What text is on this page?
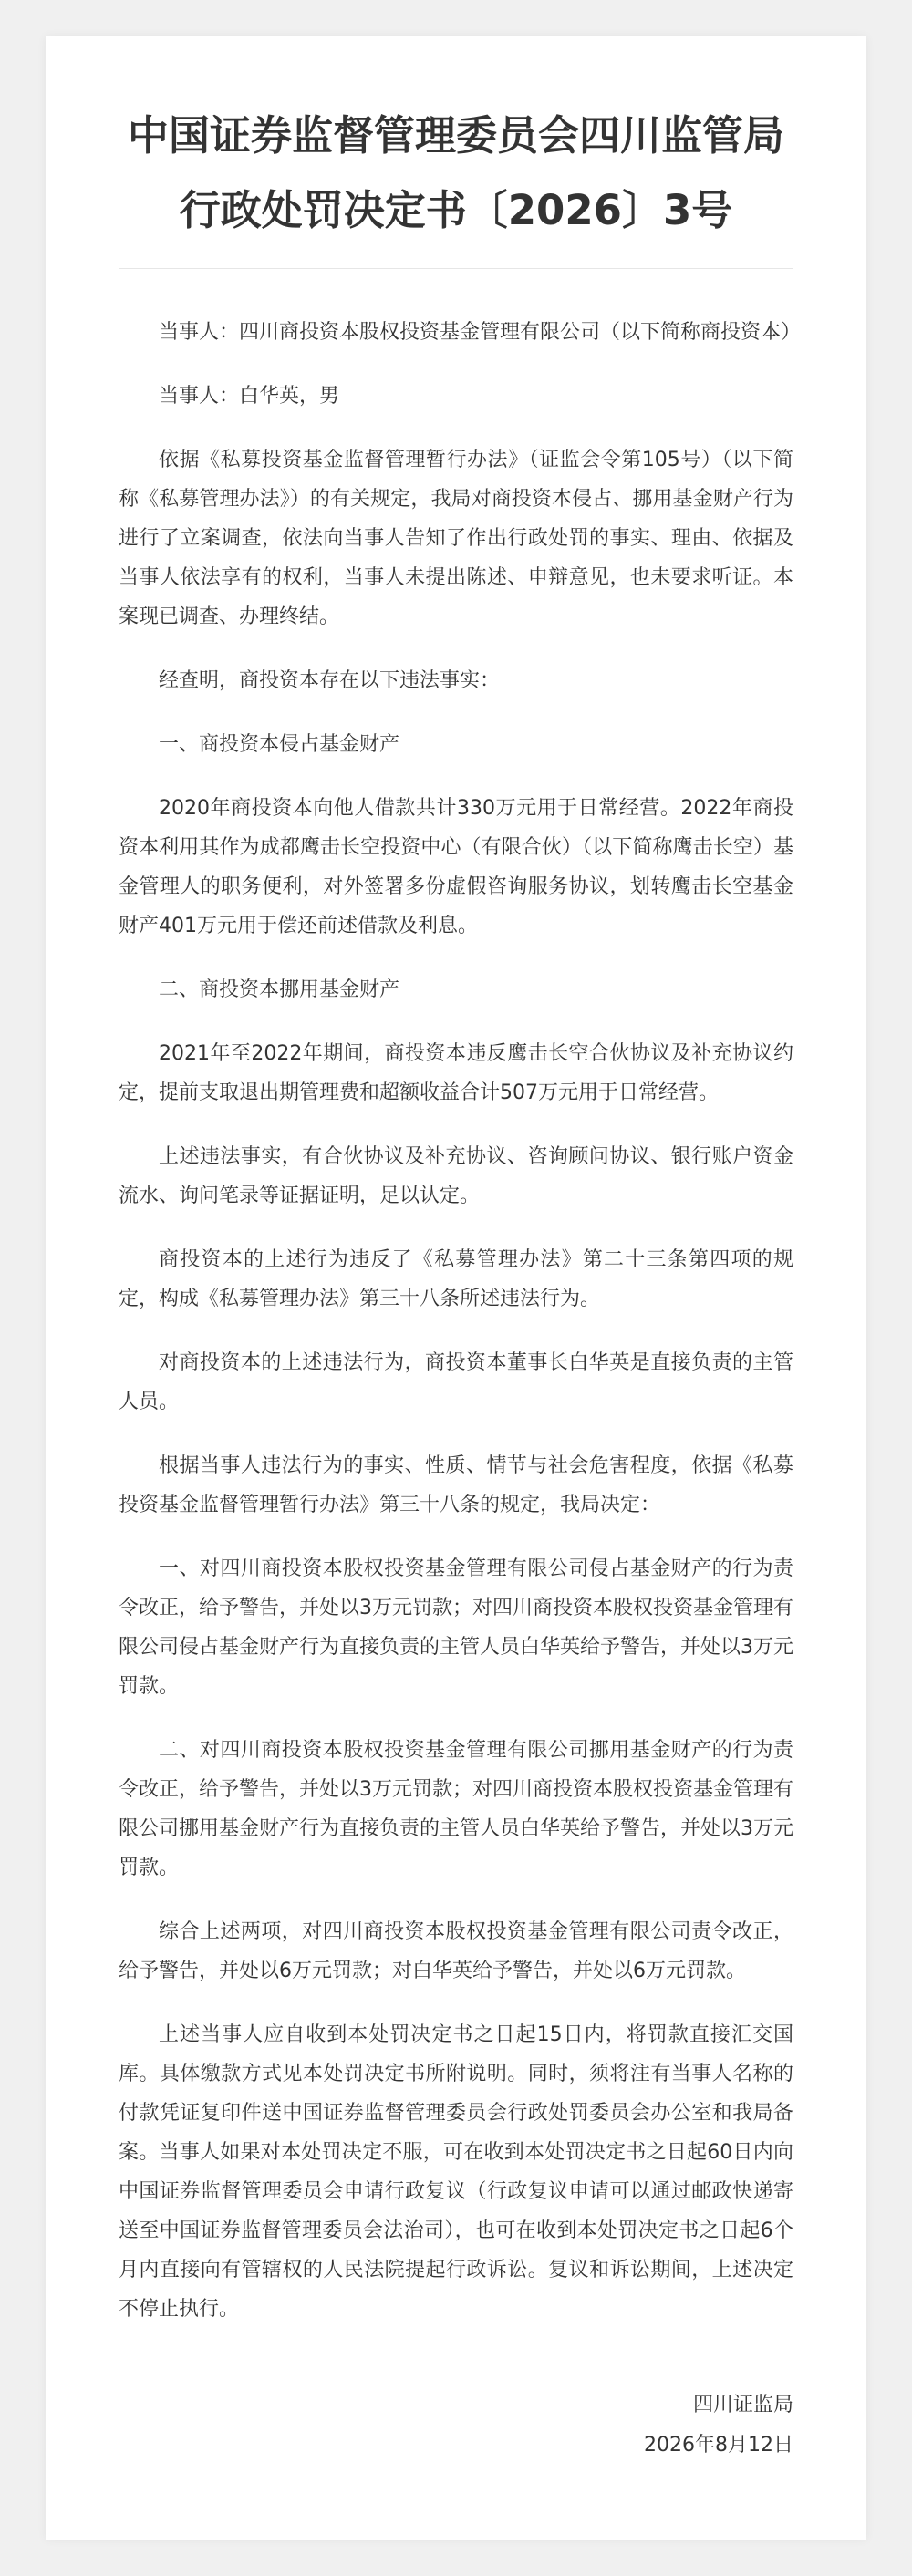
中国证券监督管理委员会四川监管局
行政处罚决定书〔2026〕3号

当事人：四川商投资本股权投资基金管理有限公司（以下简称商投资本）

当事人：白华英，男

依据《私募投资基金监督管理暂行办法》（证监会令第105号）（以下简称《私募管理办法》）的有关规定，我局对商投资本侵占、挪用基金财产行为进行了立案调查，依法向当事人告知了作出行政处罚的事实、理由、依据及当事人依法享有的权利，当事人未提出陈述、申辩意见，也未要求听证。本案现已调查、办理终结。

经查明，商投资本存在以下违法事实：

一、商投资本侵占基金财产

2020年商投资本向他人借款共计330万元用于日常经营。2022年商投资本利用其作为成都鹰击长空投资中心（有限合伙）（以下简称鹰击长空）基金管理人的职务便利，对外签署多份虚假咨询服务协议，划转鹰击长空基金财产401万元用于偿还前述借款及利息。

二、商投资本挪用基金财产

2021年至2022年期间，商投资本违反鹰击长空合伙协议及补充协议约定，提前支取退出期管理费和超额收益合计507万元用于日常经营。

上述违法事实，有合伙协议及补充协议、咨询顾问协议、银行账户资金流水、询问笔录等证据证明，足以认定。

商投资本的上述行为违反了《私募管理办法》第二十三条第四项的规定，构成《私募管理办法》第三十八条所述违法行为。

对商投资本的上述违法行为，商投资本董事长白华英是直接负责的主管人员。

根据当事人违法行为的事实、性质、情节与社会危害程度，依据《私募投资基金监督管理暂行办法》第三十八条的规定，我局决定：

一、对四川商投资本股权投资基金管理有限公司侵占基金财产的行为责令改正，给予警告，并处以3万元罚款；对四川商投资本股权投资基金管理有限公司侵占基金财产行为直接负责的主管人员白华英给予警告，并处以3万元罚款。

二、对四川商投资本股权投资基金管理有限公司挪用基金财产的行为责令改正，给予警告，并处以3万元罚款；对四川商投资本股权投资基金管理有限公司挪用基金财产行为直接负责的主管人员白华英给予警告，并处以3万元罚款。

综合上述两项，对四川商投资本股权投资基金管理有限公司责令改正，给予警告，并处以6万元罚款；对白华英给予警告，并处以6万元罚款。

上述当事人应自收到本处罚决定书之日起15日内，将罚款直接汇交国库。具体缴款方式见本处罚决定书所附说明。同时，须将注有当事人名称的付款凭证复印件送中国证券监督管理委员会行政处罚委员会办公室和我局备案。当事人如果对本处罚决定不服，可在收到本处罚决定书之日起60日内向中国证券监督管理委员会申请行政复议（行政复议申请可以通过邮政快递寄送至中国证券监督管理委员会法治司），也可在收到本处罚决定书之日起6个月内直接向有管辖权的人民法院提起行政诉讼。复议和诉讼期间，上述决定不停止执行。

四川证监局
2026年8月12日
